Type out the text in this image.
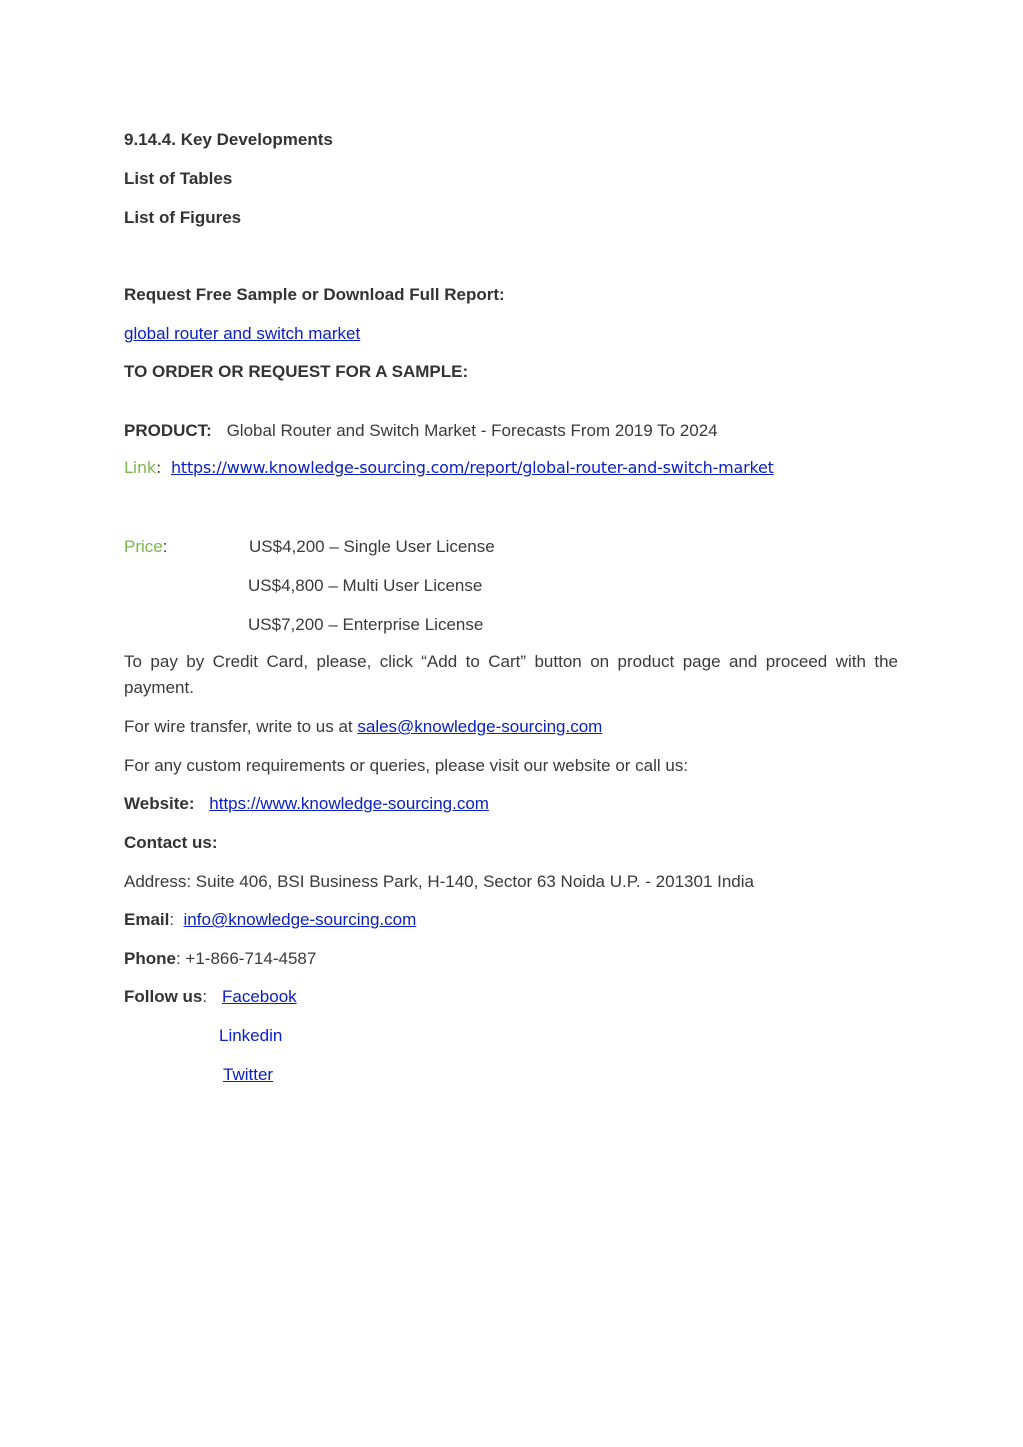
9.14.4. Key Developments
List of Tables
List of Figures
Request Free Sample or Download Full Report:
global router and switch market
TO ORDER OR REQUEST FOR A SAMPLE:
PRODUCT: Global Router and Switch Market - Forecasts From 2019 To 2024
Link:  https://www.knowledge-sourcing.com/report/global-router-and-switch-market
Price:	US$4,200 – Single User License
US$4,800 – Multi User License
US$7,200 – Enterprise License
To pay by Credit Card, please, click “Add to Cart” button on product page and proceed with the payment.
For wire transfer, write to us at sales@knowledge-sourcing.com
For any custom requirements or queries, please visit our website or call us:
Website: https://www.knowledge-sourcing.com
Contact us:
Address: Suite 406, BSI Business Park, H-140, Sector 63 Noida U.P. - 201301 India
Email:  info@knowledge-sourcing.com
Phone: +1-866-714-4587
Follow us: Facebook
Linkedin
Twitter
